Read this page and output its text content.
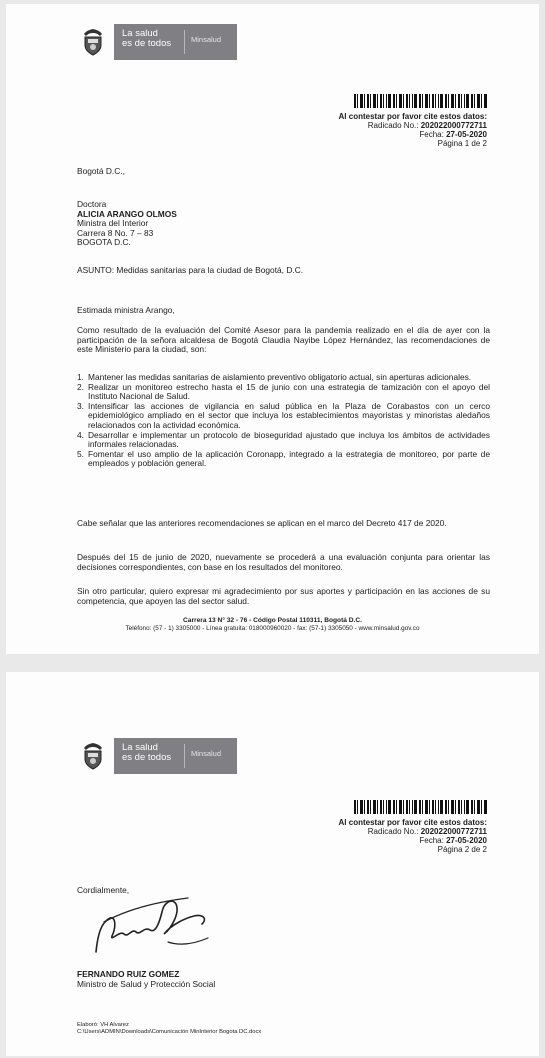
La salud
es de todos	Minsalud
Al contestar por favor cite estos datos:
Radicado No.: 202022000772711
Fecha: 27-05-2020
Página 1 de 2
Bogotá D.C.,
Doctora
ALICIA ARANGO OLMOS
Ministra del Interior
Carrera 8 No. 7 – 83
BOGOTA D.C.
ASUNTO: Medidas sanitarias para la ciudad de Bogotá, D.C.
Estimada ministra Arango,
Como resultado de la evaluación del Comité Asesor para la pandemia realizado en el día de ayer con la participación de la señora alcaldesa de Bogotá Claudia Nayibe López Hernández, las recomendaciones de este Ministerio para la ciudad, son:
1. Mantener las medidas sanitarias de aislamiento preventivo obligatorio actual, sin aperturas adicionales.
2. Realizar un monitoreo estrecho hasta el 15 de junio con una estrategia de tamización con el apoyo del Instituto Nacional de Salud.
3. Intensificar las acciones de vigilancia en salud pública en la Plaza de Corabastos con un cerco epidemiológico ampliado en el sector que incluya los establecimientos mayoristas y minoristas aledaños relacionados con la actividad económica.
4. Desarrollar e implementar un protocolo de bioseguridad ajustado que incluya los ámbitos de actividades informales relacionadas.
5. Fomentar el uso amplio de la aplicación Coronapp, integrado a la estrategia de monitoreo, por parte de empleados y población general.
Cabe señalar que las anteriores recomendaciones se aplican en el marco del Decreto 417 de 2020.
Después del 15 de junio de 2020, nuevamente se procederá a una evaluación conjunta para orientar las decisiones correspondientes, con base en los resultados del monitoreo.
Sin otro particular, quiero expresar mi agradecimiento por sus aportes y participación en las acciones de su competencia, que apoyen las del sector salud.
Carrera 13 N° 32 - 76 - Código Postal 110311, Bogotá D.C.
Teléfono: (57 - 1) 3305000 - Línea gratuita: 018000960020 - fax: (57-1) 3305050 - www.minsalud.gov.co
La salud
es de todos	Minsalud
Al contestar por favor cite estos datos:
Radicado No.: 202022000772711
Fecha: 27-05-2020
Página 2 de 2
Cordialmente,
FERNANDO RUIZ GOMEZ
Ministro de Salud y Protección Social
Elaboró: VH Alvarez
C:\Users\ADMIN\Downloads\Comunicación MinInterior Bogota DC.docx
